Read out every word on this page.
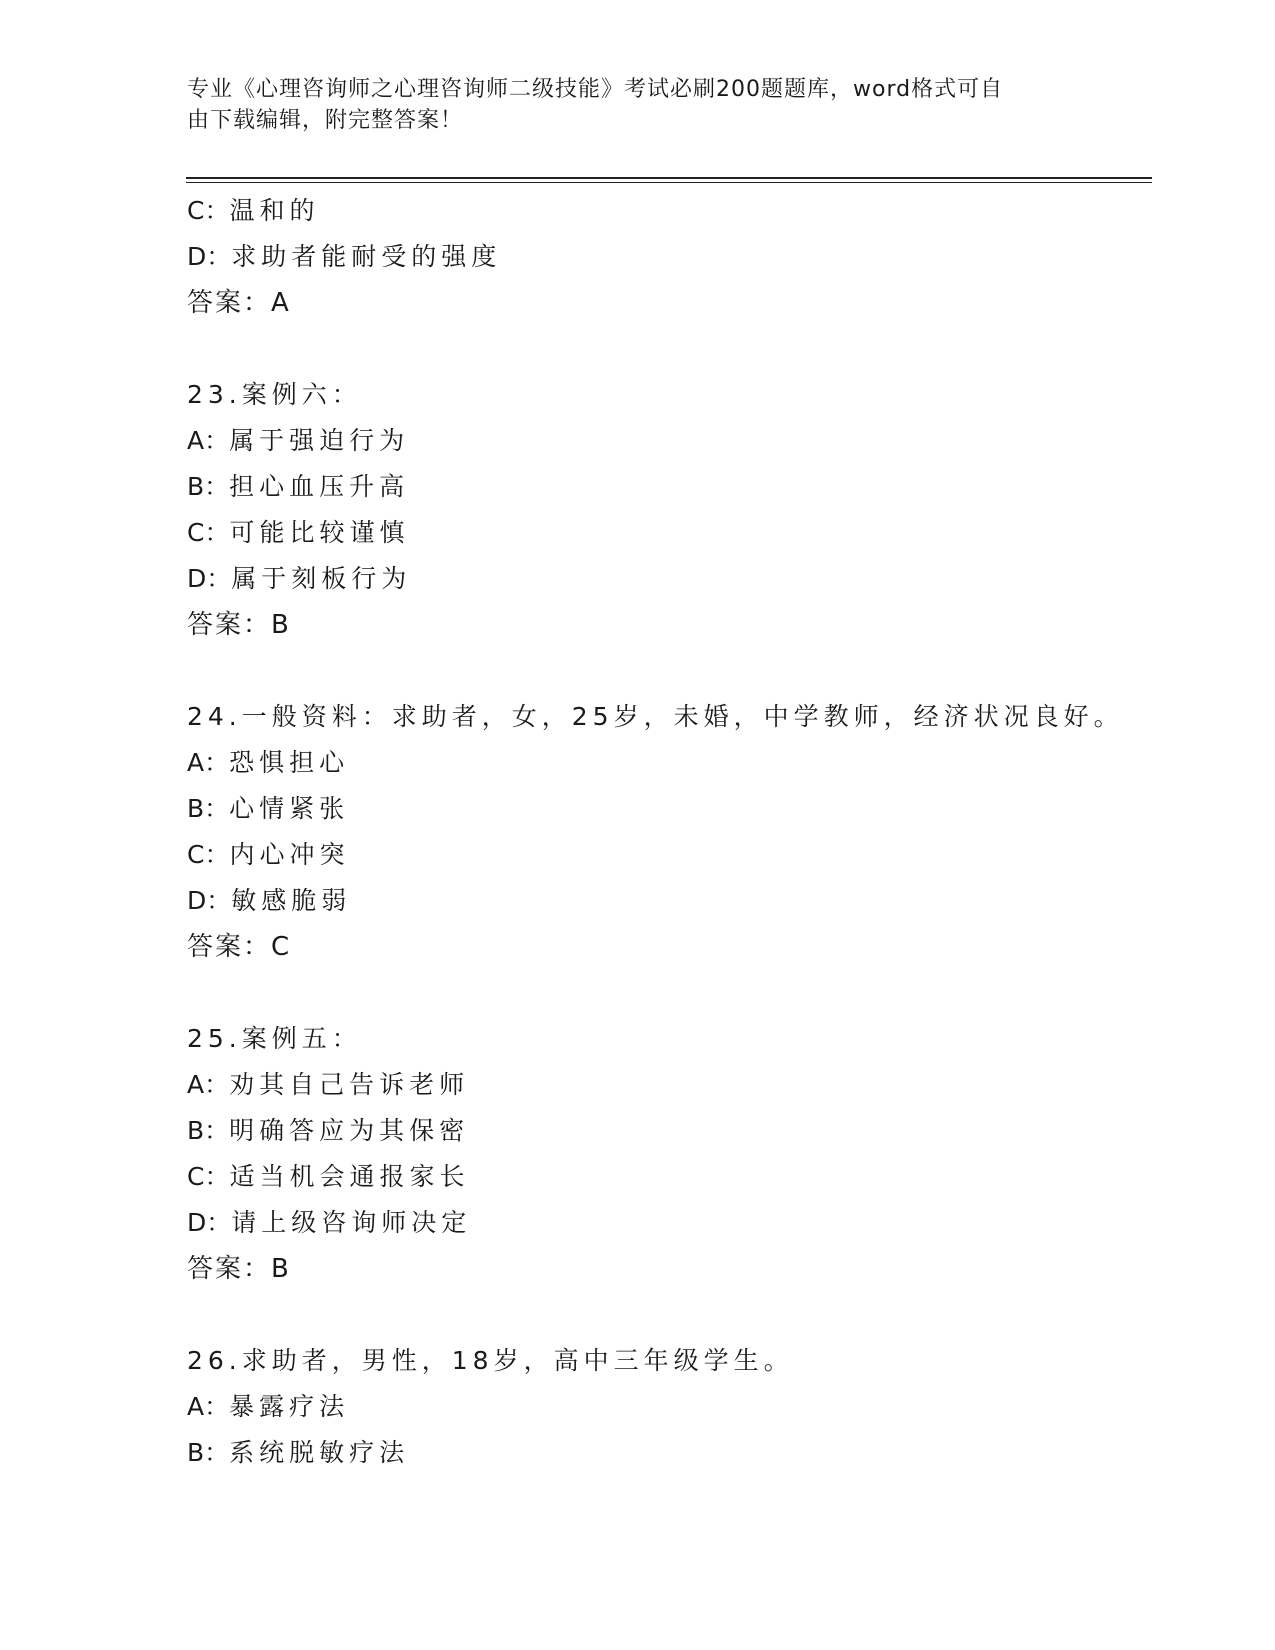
专业《心理咨询师之心理咨询师二级技能》考试必刷200题题库，word格式可自
由下载编辑，附完整答案！
C：温和的
D：求助者能耐受的强度
答案：A
23.案例六：
A：属于强迫行为
B：担心血压升高
C：可能比较谨慎
D：属于刻板行为
答案：B
24.一般资料：求助者，女，25岁，未婚，中学教师，经济状况良好。
A：恐惧担心
B：心情紧张
C：内心冲突
D：敏感脆弱
答案：C
25.案例五：
A：劝其自己告诉老师
B：明确答应为其保密
C：适当机会通报家长
D：请上级咨询师决定
答案：B
26.求助者，男性，18岁，高中三年级学生。
A：暴露疗法
B：系统脱敏疗法
